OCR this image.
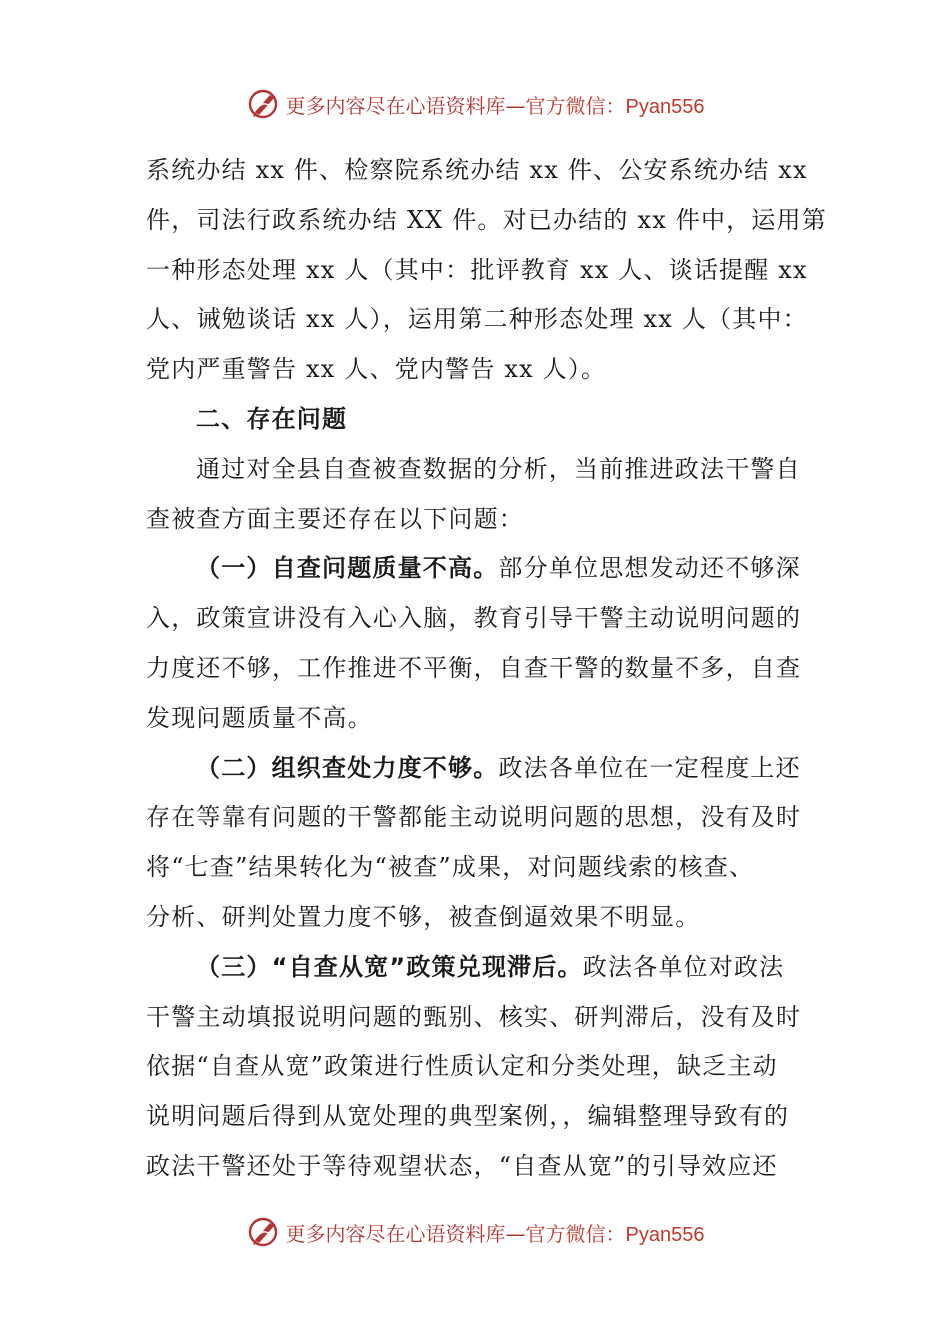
更多内容尽在心语资料库—官方微信：Pyan556
系统办结 xx 件、检察院系统办结 xx 件、公安系统办结 xx
件，司法行政系统办结 XX 件。对已办结的 xx 件中，运用第
一种形态处理 xx 人（其中：批评教育 xx 人、谈话提醒 xx
人、诫勉谈话 xx 人），运用第二种形态处理 xx 人（其中：
党内严重警告 xx 人、党内警告 xx 人）。
二、存在问题
通过对全县自查被查数据的分析，当前推进政法干警自
查被查方面主要还存在以下问题：
（一）自查问题质量不高。部分单位思想发动还不够深
入，政策宣讲没有入心入脑，教育引导干警主动说明问题的
力度还不够，工作推进不平衡，自查干警的数量不多，自查
发现问题质量不高。
（二）组织查处力度不够。政法各单位在一定程度上还
存在等靠有问题的干警都能主动说明问题的思想，没有及时
将“七查”结果转化为“被查”成果，对问题线索的核查、
分析、研判处置力度不够，被查倒逼效果不明显。
（三）“自查从宽”政策兑现滞后。政法各单位对政法
干警主动填报说明问题的甄别、核实、研判滞后，没有及时
依据“自查从宽”政策进行性质认定和分类处理，缺乏主动
说明问题后得到从宽处理的典型案例，，编辑整理导致有的
政法干警还处于等待观望状态，“自查从宽”的引导效应还
更多内容尽在心语资料库—官方微信：Pyan556
